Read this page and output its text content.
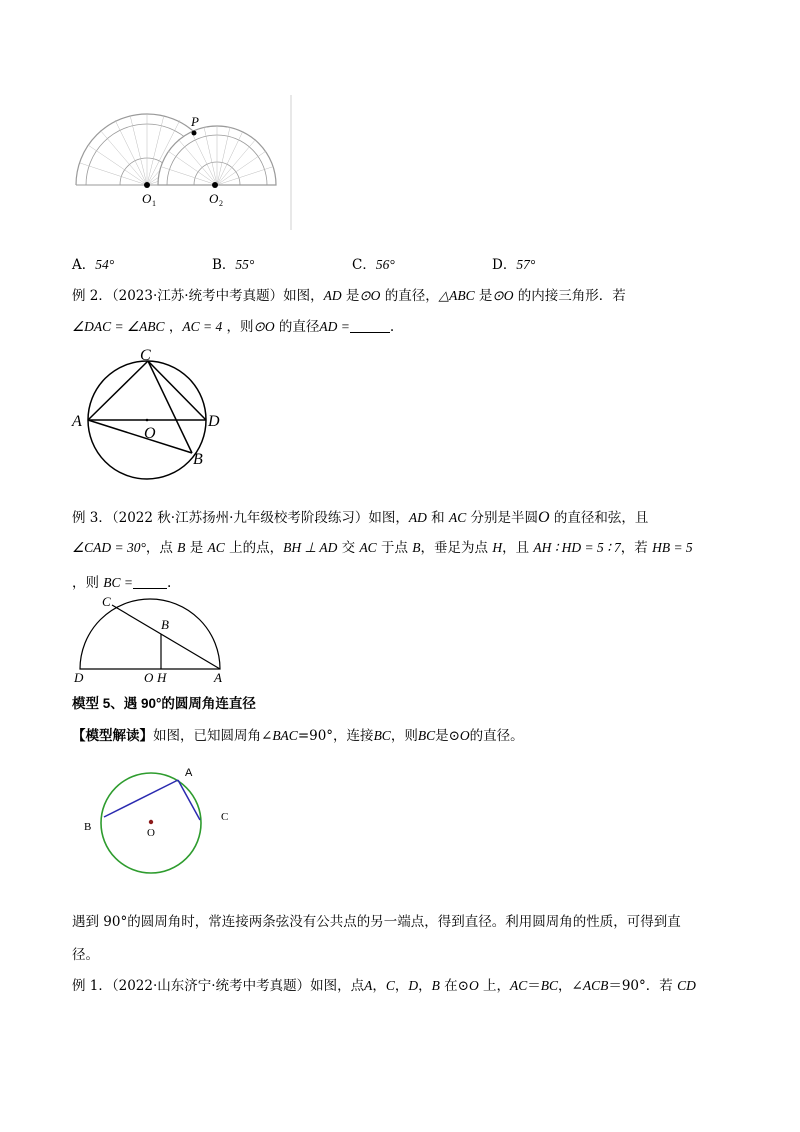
P
O 1	O 2
A．54°	B．55°	C．56°	D．57°
例 2．（2023·江苏·统考中考真题）如图，AD 是⊙O 的直径，△ABC 是⊙O 的内接三角形．若
∠DAC = ∠ABC ，AC = 4 ，则⊙O 的直径AD =	.
C
A	D
O
B
例 3．（2022 秋·江苏扬州·九年级校考阶段练习）如图，AD 和 AC 分别是半圆O 的直径和弦，且
∠CAD = 30°，点 B 是 AC 上的点，BH ⊥ AD 交 AC 于点 B，垂足为点 H，且 AH ∶ HD = 5 ∶ 7，若 HB = 5
，则 BC =	.
C
B
D	O H	A
模型 5、遇 90°的圆周角连直径
【模型解读】如图，已知圆周角∠BAC=90°，连接BC，则BC是⊙O的直径。
A
B
C
O
遇到 90°的圆周角时，常连接两条弦没有公共点的另一端点，得到直径。利用圆周角的性质，可得到直
径。
例 1．（2022·山东济宁·统考中考真题）如图，点A，C，D，B 在⊙O 上，AC＝BC，∠ACB＝90°．若 CD
